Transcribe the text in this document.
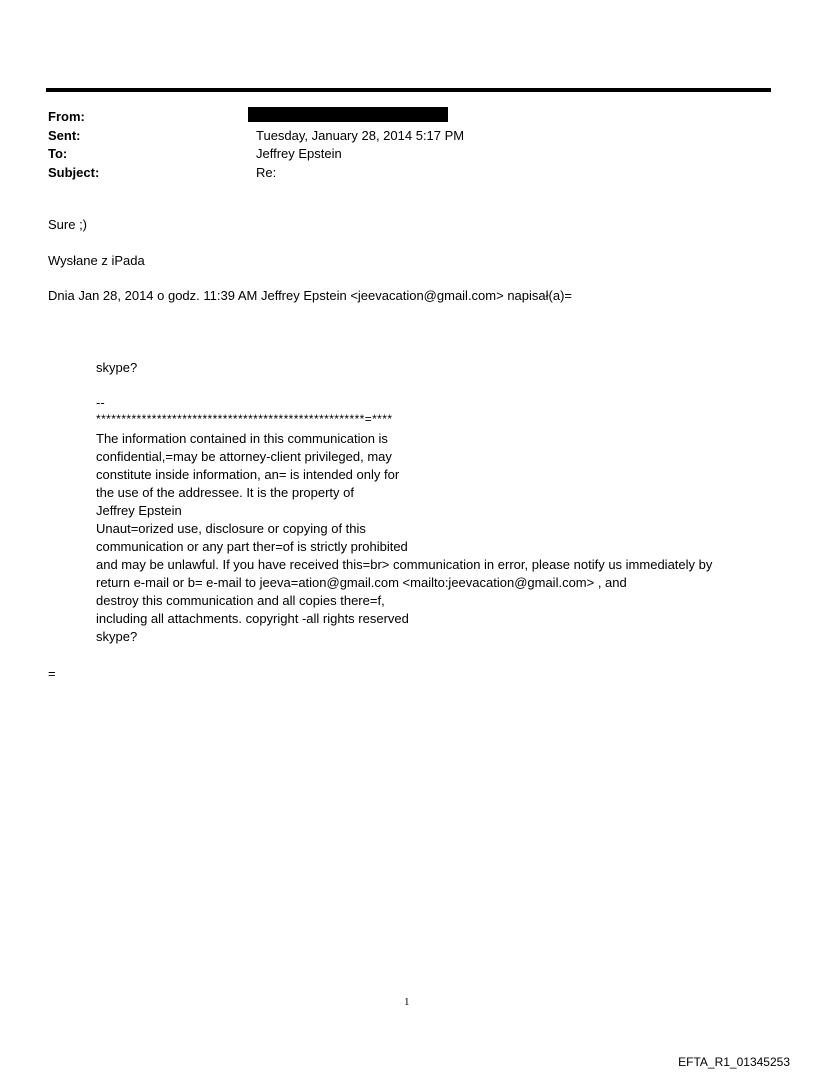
From:
Sent:	Tuesday, January 28, 2014 5:17 PM
To:	Jeffrey Epstein
Subject:	Re:
Sure ;)
Wysłane z iPada
Dnia Jan 28, 2014 o godz. 11:39 AM Jeffrey Epstein <jeevacation@gmail.com> napisał(a)=
skype?
--
*****************************************************=****
The information contained in this communication is
confidential,=may be attorney-client privileged, may
constitute inside information, an= is intended only for
the use of the addressee. It is the property of
Jeffrey Epstein
Unaut=orized use, disclosure or copying of this
communication or any part ther=of is strictly prohibited
and may be unlawful. If you have received this=br> communication in error, please notify us immediately by
return e-mail or b= e-mail to jeeva=ation@gmail.com <mailto:jeevacation@gmail.com> , and
destroy this communication and all copies there=f,
including all attachments. copyright -all rights reserved
skype?
=
1
EFTA_R1_01345253
